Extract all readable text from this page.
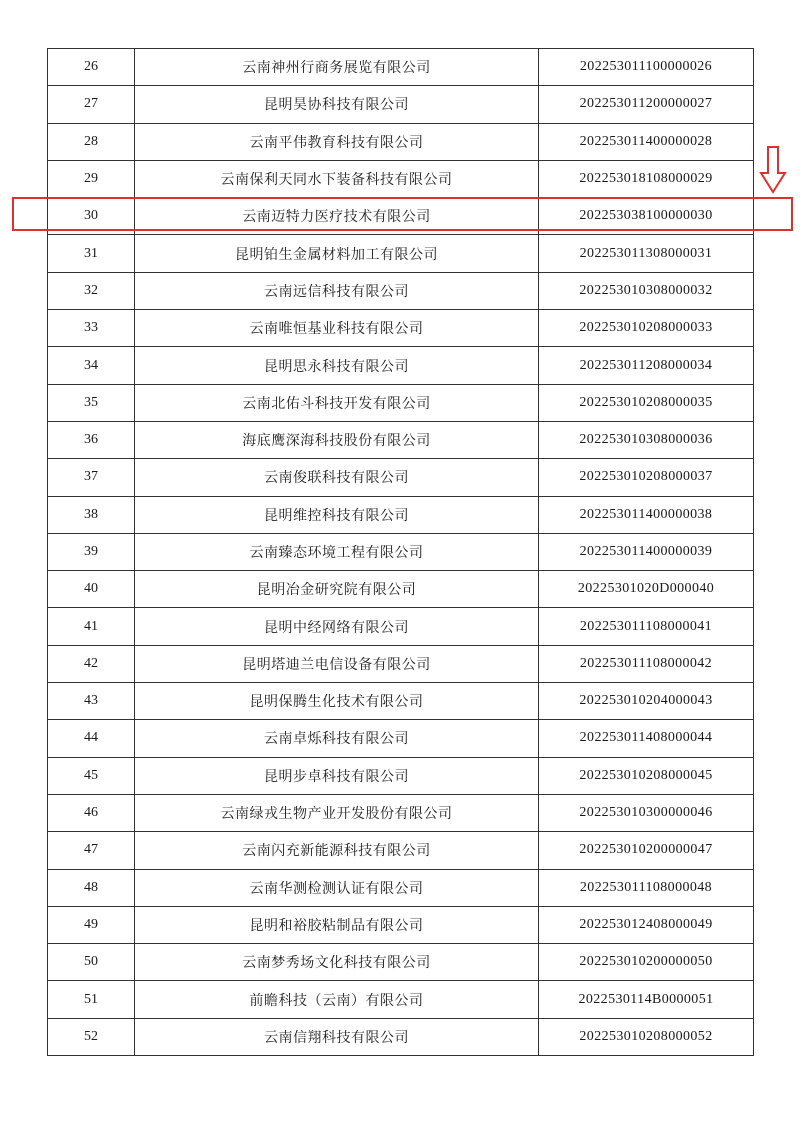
26	云南神州行商务展览有限公司	202253011100000026
27	昆明昊协科技有限公司	202253011200000027
28	云南平伟教育科技有限公司	202253011400000028
29	云南保利天同水下装备科技有限公司	202253018108000029
30	云南迈特力医疗技术有限公司	202253038100000030
31	昆明铂生金属材料加工有限公司	202253011308000031
32	云南远信科技有限公司	202253010308000032
33	云南唯恒基业科技有限公司	202253010208000033
34	昆明思永科技有限公司	202253011208000034
35	云南北佑斗科技开发有限公司	202253010208000035
36	海底鹰深海科技股份有限公司	202253010308000036
37	云南俊联科技有限公司	202253010208000037
38	昆明维控科技有限公司	202253011400000038
39	云南臻态环境工程有限公司	202253011400000039
40	昆明冶金研究院有限公司	20225301020D000040
41	昆明中经网络有限公司	202253011108000041
42	昆明塔迪兰电信设备有限公司	202253011108000042
43	昆明保腾生化技术有限公司	202253010204000043
44	云南卓烁科技有限公司	202253011408000044
45	昆明步卓科技有限公司	202253010208000045
46	云南绿戎生物产业开发股份有限公司	202253010300000046
47	云南闪充新能源科技有限公司	202253010200000047
48	云南华测检测认证有限公司	202253011108000048
49	昆明和裕胶粘制品有限公司	202253012408000049
50	云南梦秀场文化科技有限公司	202253010200000050
51	前瞻科技（云南）有限公司	2022530114B0000051
52	云南信翔科技有限公司	202253010208000052
